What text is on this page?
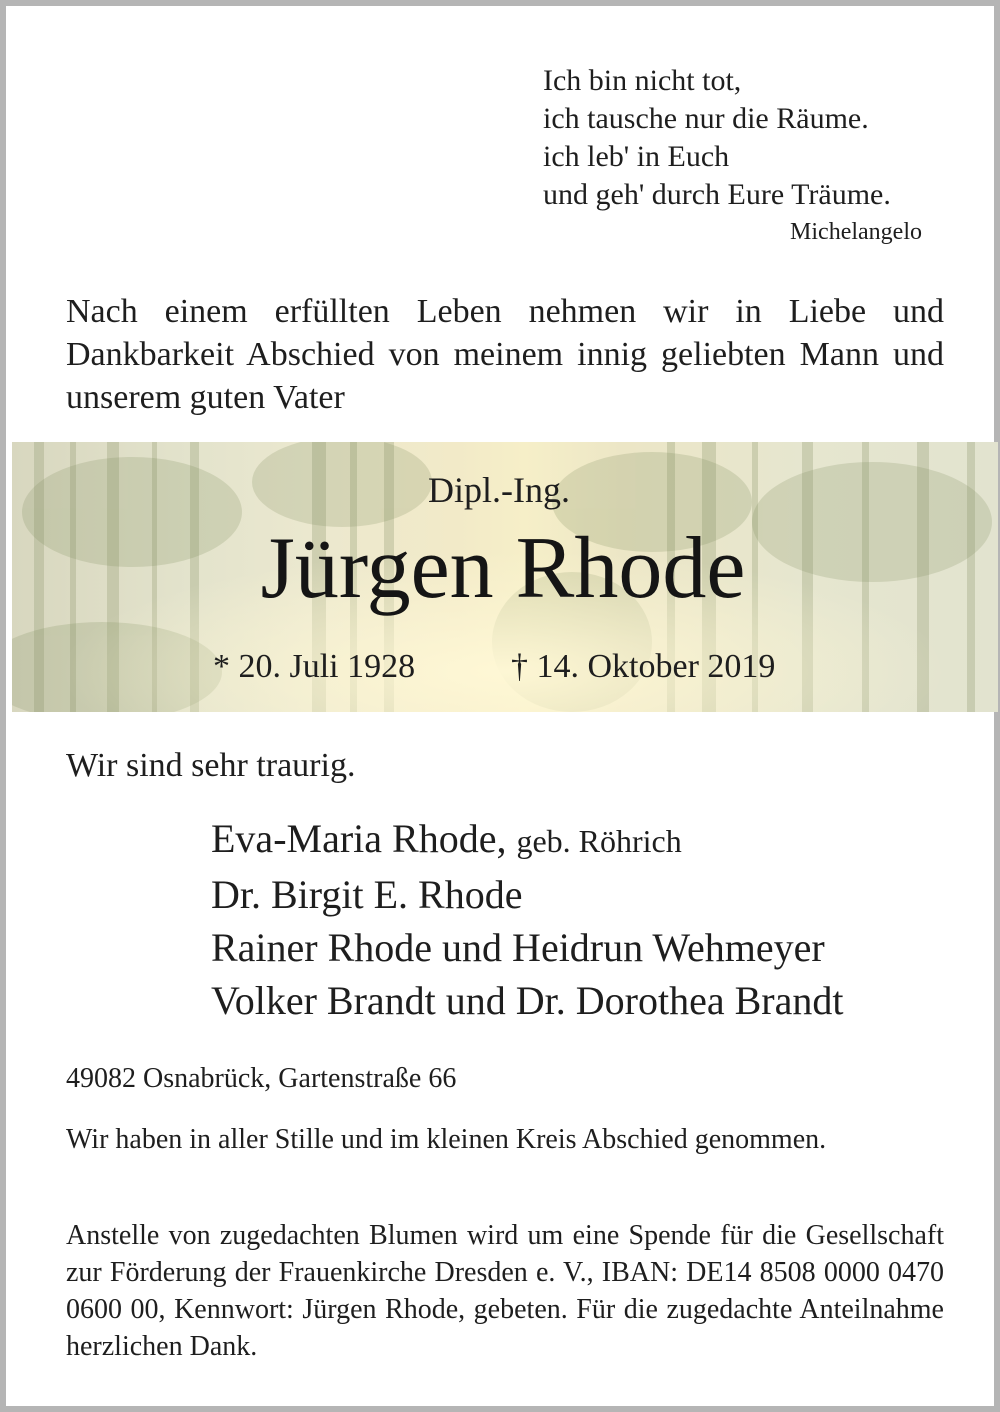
Ich bin nicht tot,
ich tausche nur die Räume.
ich leb' in Euch
und geh' durch Eure Träume.
Michelangelo
Nach einem erfüllten Leben nehmen wir in Liebe und Dankbarkeit Abschied von meinem innig geliebten Mann und unserem guten Vater
Dipl.-Ing.
Jürgen Rhode
* 20. Juli 1928	† 14. Oktober 2019
Wir sind sehr traurig.
Eva-Maria Rhode, geb. Röhrich
Dr. Birgit E. Rhode
Rainer Rhode und Heidrun Wehmeyer
Volker Brandt und Dr. Dorothea Brandt
49082 Osnabrück, Gartenstraße 66
Wir haben in aller Stille und im kleinen Kreis Abschied genommen.
Anstelle von zugedachten Blumen wird um eine Spende für die Gesellschaft zur Förderung der Frauenkirche Dresden e. V., IBAN: DE14 8508 0000 0470 0600 00, Kennwort: Jürgen Rhode, gebeten. Für die zugedachte Anteilnahme herzlichen Dank.
